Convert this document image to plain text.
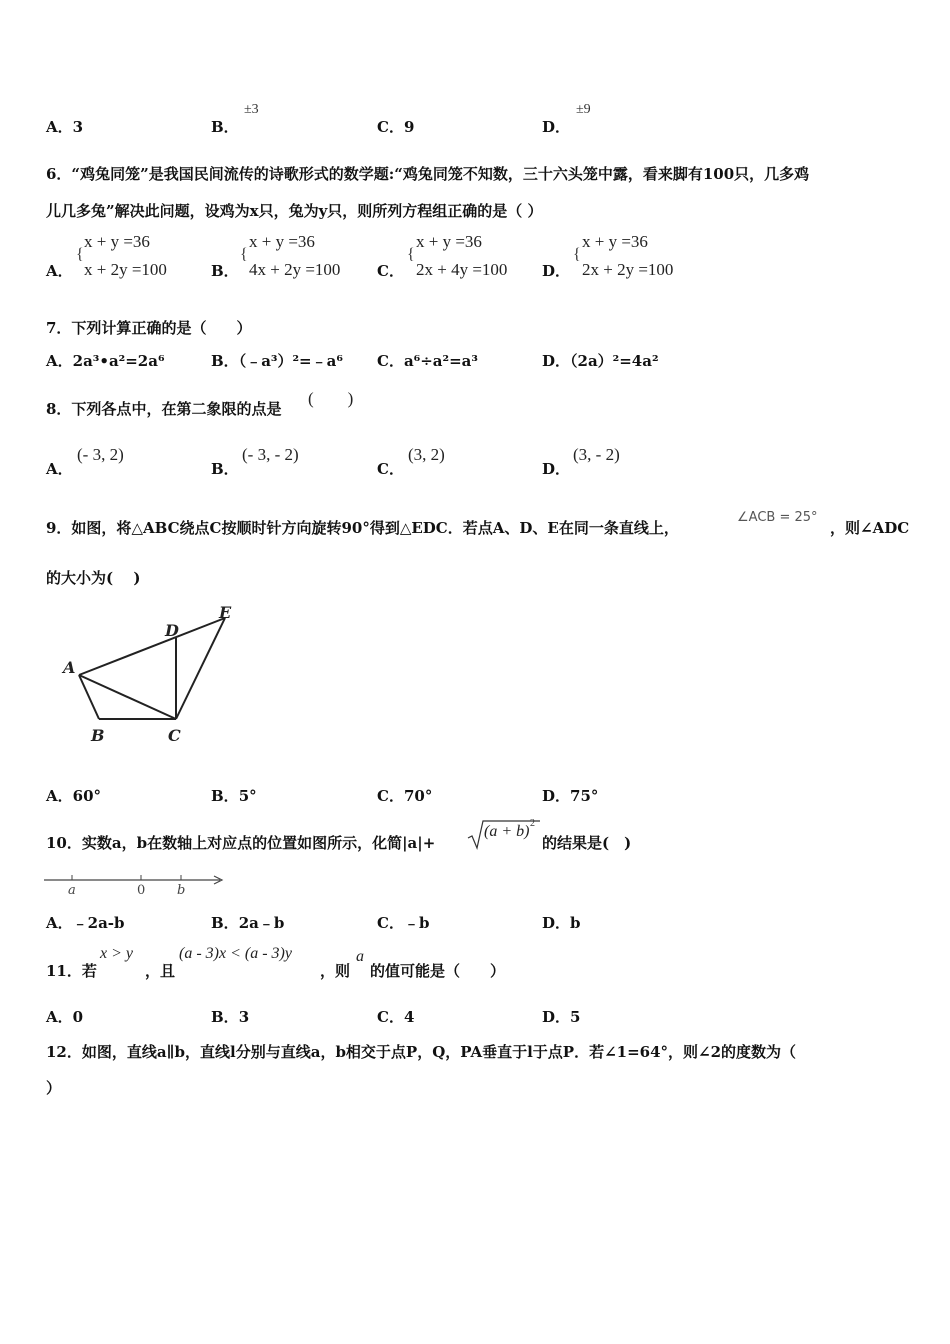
A．3	B．
±3
C．9	D．
±9
6．“鸡兔同笼”是我国民间流传的诗歌形式的数学题:“鸡兔同笼不知数，三十六头笼中露，看来脚有100只，几多鸡
儿几多兔”解决此问题，设鸡为x只，兔为y只，则所列方程组正确的是（ ）
A．
{
x + y =36
x + 2y =100	B．
{
x + y =36
4x + 2y =100 C．
{
x + y =36
2x + 4y =100 D．
{
x + y =36
2x + 2y =100
7．下列计算正确的是（　　）
A．2a³•a²=2a⁶	B．（﹣a³）²=﹣a⁶ C．a⁶÷a²=a³	D．（2a）²=4a²
8．下列各点中，在第二象限的点是
(　　)
A．
(- 3, 2)
B．
(- 3, - 2)
C．
(3, 2)
D．
(3, - 2)
9．如图，将△ABC绕点C按顺时针方向旋转90°得到△EDC．若点A、D、E在同一条直线上，
∠ACB = 25°
，则∠ADC
的大小为(　 )
A
B	C
D
E
A．60°	B．5°	C．70°	D．75°
10．实数a，b在数轴上对应点的位置如图所示，化简|a|+
(a + b) 2
的结果是(　)
a	0 b
A．﹣2a-b	B．2a﹣b	C．﹣b	D．b
11．若
x > y
，且
(a - 3)x < (a - 3)y
，则
a
的值可能是（　　）
A．0	B．3	C．4	D．5
12．如图，直线a∥b，直线l分别与直线a，b相交于点P，Q，PA垂直于l于点P．若∠1=64°，则∠2的度数为（
）
